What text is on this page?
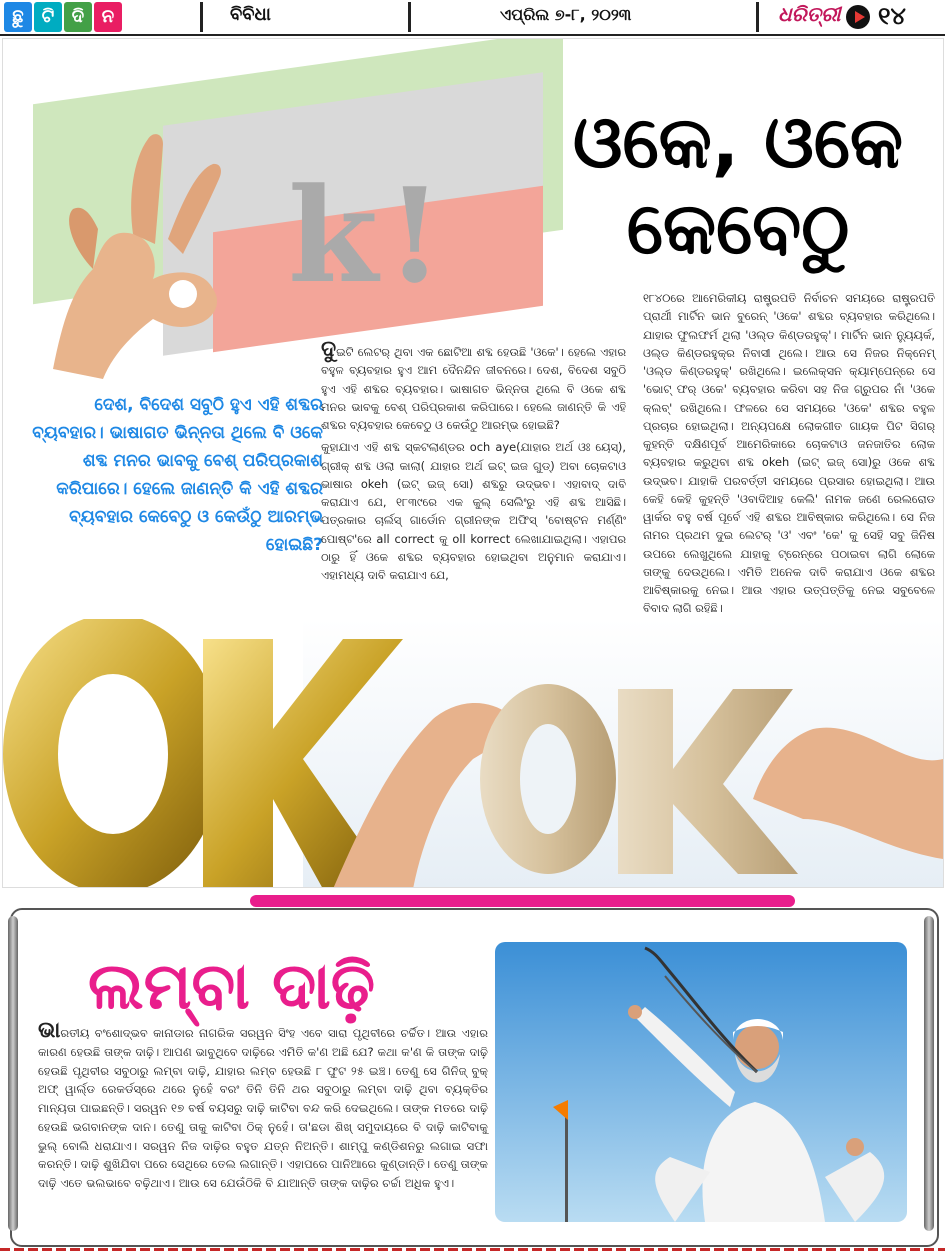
ଛୁ	ଟି ଦି ନ	ବିବିଧା	ଏପ୍ରିଲ ୭-୮, ୨୦୨୩	ଧରିତ୍ରୀ ୧୪
k!
ଓକେ, ଓକେ
କେବେଠୁ
ଦେଶ, ବିଦେଶ ସବୁଠି ହୁଏ ଏହି ଶବ୍ଦର ବ୍ୟବହାର। ଭାଷାଗତ ଭିନ୍ନତା ଥିଲେ ବି ଓକେ ଶବ୍ଦ ମନର ଭାବକୁ ବେଶ୍ ପରିପ୍ରକାଶ କରିପାରେ। ହେଲେ ଜାଣନ୍ତି କି ଏହି ଶବ୍ଦର ବ୍ୟବହାର କେବେଠୁ ଓ କେଉଁଠୁ ଆରମ୍ଭ ହୋଇଛି?

ଦୁଇଟି ଲେଟର୍ ଥିବା ଏକ ଛୋଟିଆ ଶବ୍ଦ ହେଉଛି 'ଓକେ'। ହେଲେ ଏହାର ବହୁଳ ବ୍ୟବହାର ହୁଏ ଆମ ଦୈନନ୍ଦିନ ଜୀବନରେ। ଦେଶ, ବିଦେଶ ସବୁଠି ହୁଏ ଏହି ଶବ୍ଦର ବ୍ୟବହାର। ଭାଷାଗତ ଭିନ୍ନତା ଥିଲେ ବି ଓକେ ଶବ୍ଦ ମନର ଭାବକୁ ବେଶ୍ ପରିପ୍ରକାଶ କରିପାରେ। ହେଲେ ଜାଣନ୍ତି କି ଏହି ଶବ୍ଦର ବ୍ୟବହାର କେବେଠୁ ଓ କେଉଁଠୁ ଆରମ୍ଭ ହୋଇଛି?

କୁହାଯାଏ ଏହି ଶବ୍ଦ ସ୍କଟଲାଣ୍ଡର och aye(ଯାହାର ଅର୍ଥ ଓଃ ୟେସ୍), ଗ୍ରୀକ୍ ଶବ୍ଦ ଓଲା କାଲା( ଯାହାର ଅର୍ଥ ଇଟ୍ ଇଜ ଗୁଡ୍) ଅବା ଚୋକଟାଓ ଭାଷାର okeh (ଇଟ୍ ଇଜ୍ ସୋ) ଶବ୍ଦରୁ ଉଦ୍ଭବ। ଏହାବାଦ୍ ଦାବି କରାଯାଏ ଯେ, ୧୮୩୯ରେ ଏକ କୁଲ୍ ସେଲିଂରୁ ଏହି ଶବ୍ଦ ଆସିଛି। ପତ୍ରକାର ଚାର୍ଲସ୍ ଗାର୍ଡୋନ ଗ୍ରୀନଙ୍କ ଅଫିସ୍ 'ବୋଷ୍ଟନ ମର୍ଣ୍ଣିଂ ପୋଷ୍ଟ'ରେ all correct କୁ oll korrect ଲେଖାଯାଇଥିଲା। ଏହାପର ଠାରୁ ହିଁ ଓକେ ଶବ୍ଦର ବ୍ୟବହାର ହୋଇଥିବା ଅନୁମାନ କରାଯାଏ। ଏହାମଧ୍ୟ ଦାବି କରାଯାଏ ଯେ,

୧୮୪୦ରେ ଆମେରିକୀୟ ରାଷ୍ଟ୍ରପତି ନିର୍ବାଚନ ସମୟରେ ରାଷ୍ଟ୍ରପତି ପ୍ରାର୍ଥୀ ମାର୍ଟିନ ଭାନ ବୁରେନ୍ 'ଓକେ' ଶବ୍ଦର ବ୍ୟବହାର କରିଥିଲେ। ଯାହାର ଫୁଲଫର୍ମ ଥିଲା 'ଓଲ୍ଡ କିଣ୍ଡରହୁକ୍'। ମାର୍ଟିନ ଭାନ ନ୍ୟୁୟର୍କ, ଓଲ୍ଡ କିଣ୍ଡରହୁକ୍‌ର ନିବାସୀ ଥିଲେ। ଆଉ ସେ ନିଜର ନିକ୍‌ନେମ୍ 'ଓଲ୍ଡ କିଣ୍ଡରହୁକ୍' ରଖିଥିଲେ। ଇଲେକ୍ସନ କ୍ୟାମ୍ପେନ୍‌ରେ ସେ 'ଭୋଟ୍ ଫର୍ ଓକେ' ବ୍ୟବହାର କରିବା ସହ ନିଜ ଗ୍ରୁପର ନାଁ 'ଓକେ କ୍ଲବ୍' ରଖିଥିଲେ। ଫଳରେ ସେ ସମୟରେ 'ଓକେ' ଶବ୍ଦର ବହୁଳ ପ୍ରଚାର ହୋଇଥିଲା। ଅନ୍ୟପକ୍ଷେ ଲୋକଗୀତ ଗାୟକ ପିଟ ସିଗର୍ କୁହନ୍ତି ଦକ୍ଷିଣପୂର୍ବ ଆମେରିକାରେ ଚୋକଟାଓ ଜନଜାତିର ଲୋକ ବ୍ୟବହାର କରୁଥିବା ଶବ୍ଦ okeh (ଇଟ୍ ଇଜ୍ ସୋ)ରୁ ଓକେ ଶବ୍ଦ ଉଦ୍ଭବ। ଯାହାକି ପରବର୍ତ୍ତୀ ସମୟରେ ପ୍ରସାର ହୋଇଥିଲା। ଆଉ କେହି କେହି କୁହନ୍ତି 'ଓବାଦିଆହ କେଲି' ନାମକ ଜଣେ ରେଲରୋଡ ୱାର୍କର ବହୁ ବର୍ଷ ପୂର୍ବେ ଏହି ଶବ୍ଦର ଆବିଷ୍କାର କରିଥିଲେ। ସେ ନିଜ ନାମର ପ୍ରଥମ ଦୁଇ ଲେଟର୍ 'ଓ' ଏବଂ 'କେ' କୁ ସେହି ସବୁ ଜିନିଷ ଉପରେ ଲେଖୁଥିଲେ ଯାହାକୁ ଟ୍ରେନ୍‌ରେ ପଠାଇବା ଲାଗି ଲୋକେ ତାଙ୍କୁ ଦେଉଥିଲେ। ଏମିତି ଅନେକ ଦାବି କରାଯାଏ ଓକେ ଶବ୍ଦର ଆବିଷ୍କାରକୁ ନେଇ। ଆଉ ଏହାର ଉତ୍ପତ୍ତିକୁ ନେଇ ସବୁବେଳେ ବିବାଦ ଲାଗି ରହିଛି।

ଲମ୍ବା ଦାଢ଼ି
ଭାରତୀୟ ବଂଶୋଦ୍ଭବ କାନାଡାର ନାଗରିକ ସରୱନ ସିଂହ ଏବେ ସାରା ପୃଥିବୀରେ ଚର୍ଚ୍ଚିତ। ଆଉ ଏହାର କାରଣ ହେଉଛି ତାଙ୍କ ଦାଢ଼ି। ଆପଣ ଭାବୁଥିବେ ଦାଢ଼ିରେ ଏମିତି କ'ଣ ଅଛି ଯେ? କଥା କ'ଣ କି ତାଙ୍କ ଦାଢ଼ି ହେଉଛି ପୃଥିବୀର ସବୁଠାରୁ ଲମ୍ବା ଦାଢ଼ି, ଯାହାର ଲମ୍ବ ହେଉଛି ୮ ଫୁଟ ୨୫ ଇଞ୍ଚ। ତେଣୁ ସେ ଗିନିଜ୍ ବୁକ୍ ଅଫ୍ ୱାର୍ଲ୍ଡ ରେକର୍ଡସ୍‌ରେ ଥରେ ନୁହେଁ ବରଂ ତିନି ତିନି ଥର ସବୁଠାରୁ ଲମ୍ବା ଦାଢ଼ି ଥିବା ବ୍ୟକ୍ତିର ମାନ୍ୟତା ପାଇଛନ୍ତି। ସରୱନ ୧୭ ବର୍ଷ ବୟସରୁ ଦାଢ଼ି କାଟିବା ବନ୍ଦ କରି ଦେଇଥିଲେ। ତାଙ୍କ ମତରେ ଦାଢ଼ି ହେଉଛି ଭଗବାନଙ୍କ ଦାନ। ତେଣୁ ତାକୁ କାଟିବା ଠିକ୍ ନୁହେଁ। ତା'ଛଡା ଶିଖ୍ ସମୁଦାୟରେ ବି ଦାଢ଼ି କାଟିବାକୁ ଭୁଲ୍ ବୋଲି ଧରାଯାଏ। ସରୱନ ନିଜ ଦାଢ଼ିର ବହୁତ ଯତ୍ନ ନିଅନ୍ତି। ଶାମ୍ପୁ କଣ୍ଡିଶନରୁ ଲଗାଇ ସଫା କରନ୍ତି। ଦାଢ଼ି ଶୁଖିଯିବା ପରେ ସେଥିରେ ତେଲ ଲଗାନ୍ତି। ଏହାପରେ ପାନିଆରେ କୁଣ୍ଡାନ୍ତି। ତେଣୁ ତାଙ୍କ ଦାଢ଼ି ଏତେ ଭଲଭାବେ ବଢ଼ିଥାଏ। ଆଉ ସେ ଯେଉଁଠିକି ବି ଯାଆନ୍ତି ତାଙ୍କ ଦାଢ଼ିର ଚର୍ଚ୍ଚା ଅଧିକ ହୁଏ।
